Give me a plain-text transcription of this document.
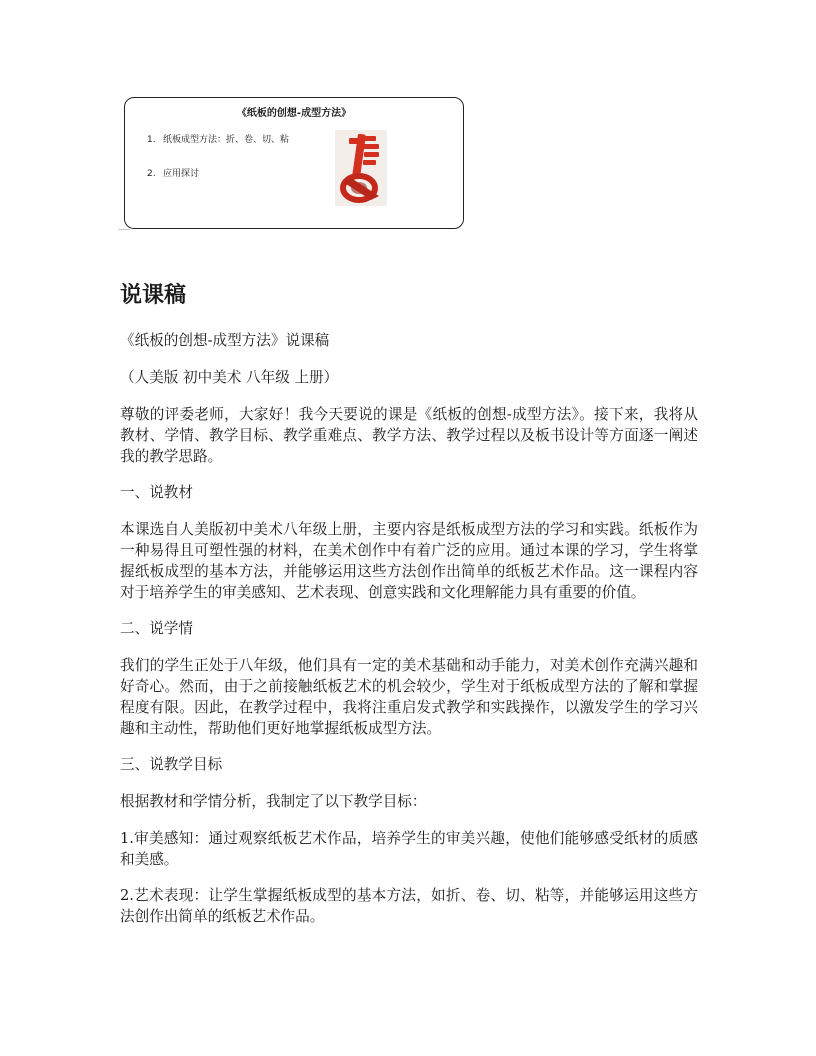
《纸板的创想-成型方法》
1. 纸板成型方法：折、卷、切、粘
2. 应用探讨
说课稿

《纸板的创想-成型方法》说课稿

（人美版 初中美术 八年级 上册）

尊敬的评委老师，大家好！我今天要说的课是《纸板的创想-成型方法》。接下来，我将从教材、学情、教学目标、教学重难点、教学方法、教学过程以及板书设计等方面逐一阐述我的教学思路。

一、说教材

本课选自人美版初中美术八年级上册，主要内容是纸板成型方法的学习和实践。纸板作为一种易得且可塑性强的材料，在美术创作中有着广泛的应用。通过本课的学习，学生将掌握纸板成型的基本方法，并能够运用这些方法创作出简单的纸板艺术作品。这一课程内容对于培养学生的审美感知、艺术表现、创意实践和文化理解能力具有重要的价值。

二、说学情

我们的学生正处于八年级，他们具有一定的美术基础和动手能力，对美术创作充满兴趣和好奇心。然而，由于之前接触纸板艺术的机会较少，学生对于纸板成型方法的了解和掌握程度有限。因此，在教学过程中，我将注重启发式教学和实践操作，以激发学生的学习兴趣和主动性，帮助他们更好地掌握纸板成型方法。

三、说教学目标

根据教材和学情分析，我制定了以下教学目标：

1.审美感知：通过观察纸板艺术作品，培养学生的审美兴趣，使他们能够感受纸材的质感和美感。

2.艺术表现：让学生掌握纸板成型的基本方法，如折、卷、切、粘等，并能够运用这些方法创作出简单的纸板艺术作品。
